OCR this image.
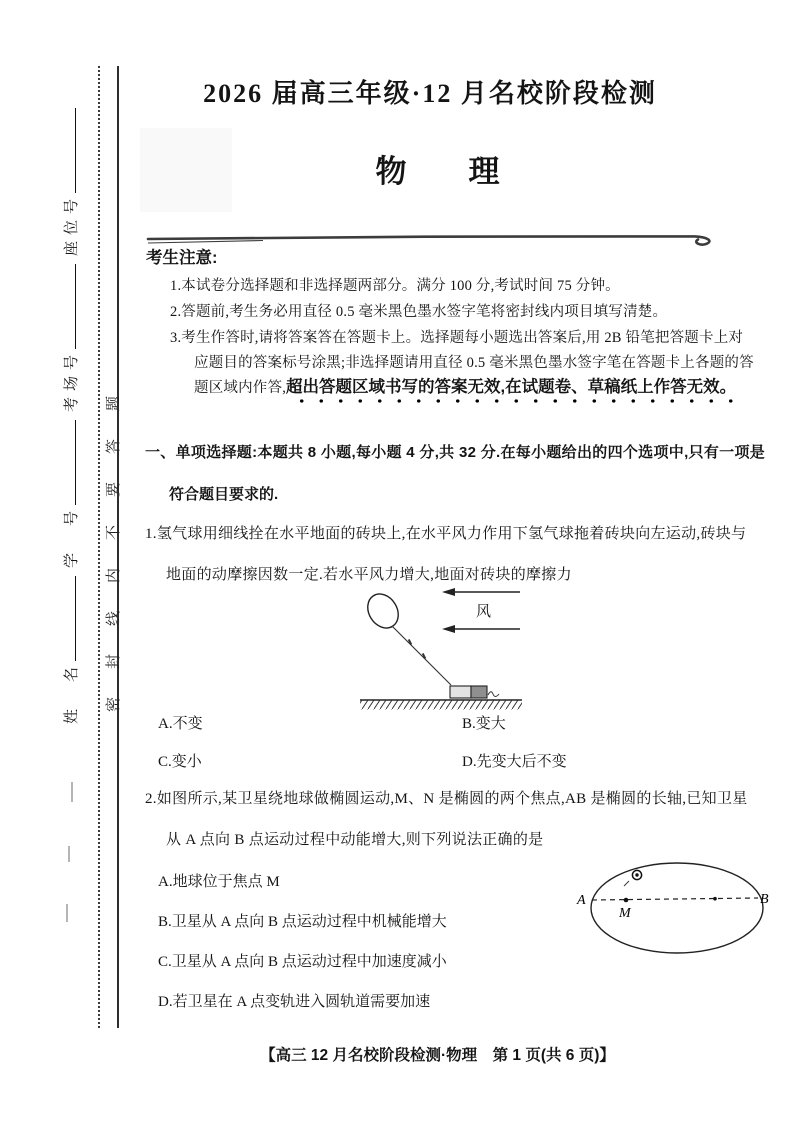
姓　名 学　号 考场号 座位号
密封线内不要答题
2026 届高三年级·12 月名校阶段检测
物　　理
考生注意:
1.本试卷分选择题和非选择题两部分。满分 100 分,考试时间 75 分钟。
2.答题前,考生务必用直径 0.5 毫米黑色墨水签字笔将密封线内项目填写清楚。
3.考生作答时,请将答案答在答题卡上。选择题每小题选出答案后,用 2B 铅笔把答题卡上对
应题目的答案标号涂黑;非选择题请用直径 0.5 毫米黑色墨水签字笔在答题卡上各题的答
题区域内作答,超出答题区域书写的答案无效,在试题卷、草稿纸上作答无效。
一、单项选择题:本题共 8 小题,每小题 4 分,共 32 分.在每小题给出的四个选项中,只有一项是
符合题目要求的.
1.氢气球用细线拴在水平地面的砖块上,在水平风力作用下氢气球拖着砖块向左运动,砖块与
地面的动摩擦因数一定.若水平风力增大,地面对砖块的摩擦力
风
A.不变	B.变大
C.变小	D.先变大后不变
2.如图所示,某卫星绕地球做椭圆运动,M、N 是椭圆的两个焦点,AB 是椭圆的长轴,已知卫星
从 A 点向 B 点运动过程中动能增大,则下列说法正确的是
A.地球位于焦点 M
B.卫星从 A 点向 B 点运动过程中机械能增大
C.卫星从 A 点向 B 点运动过程中加速度减小
D.若卫星在 A 点变轨进入圆轨道需要加速
A	B
M
【高三 12 月名校阶段检测·物理　第 1 页(共 6 页)】
